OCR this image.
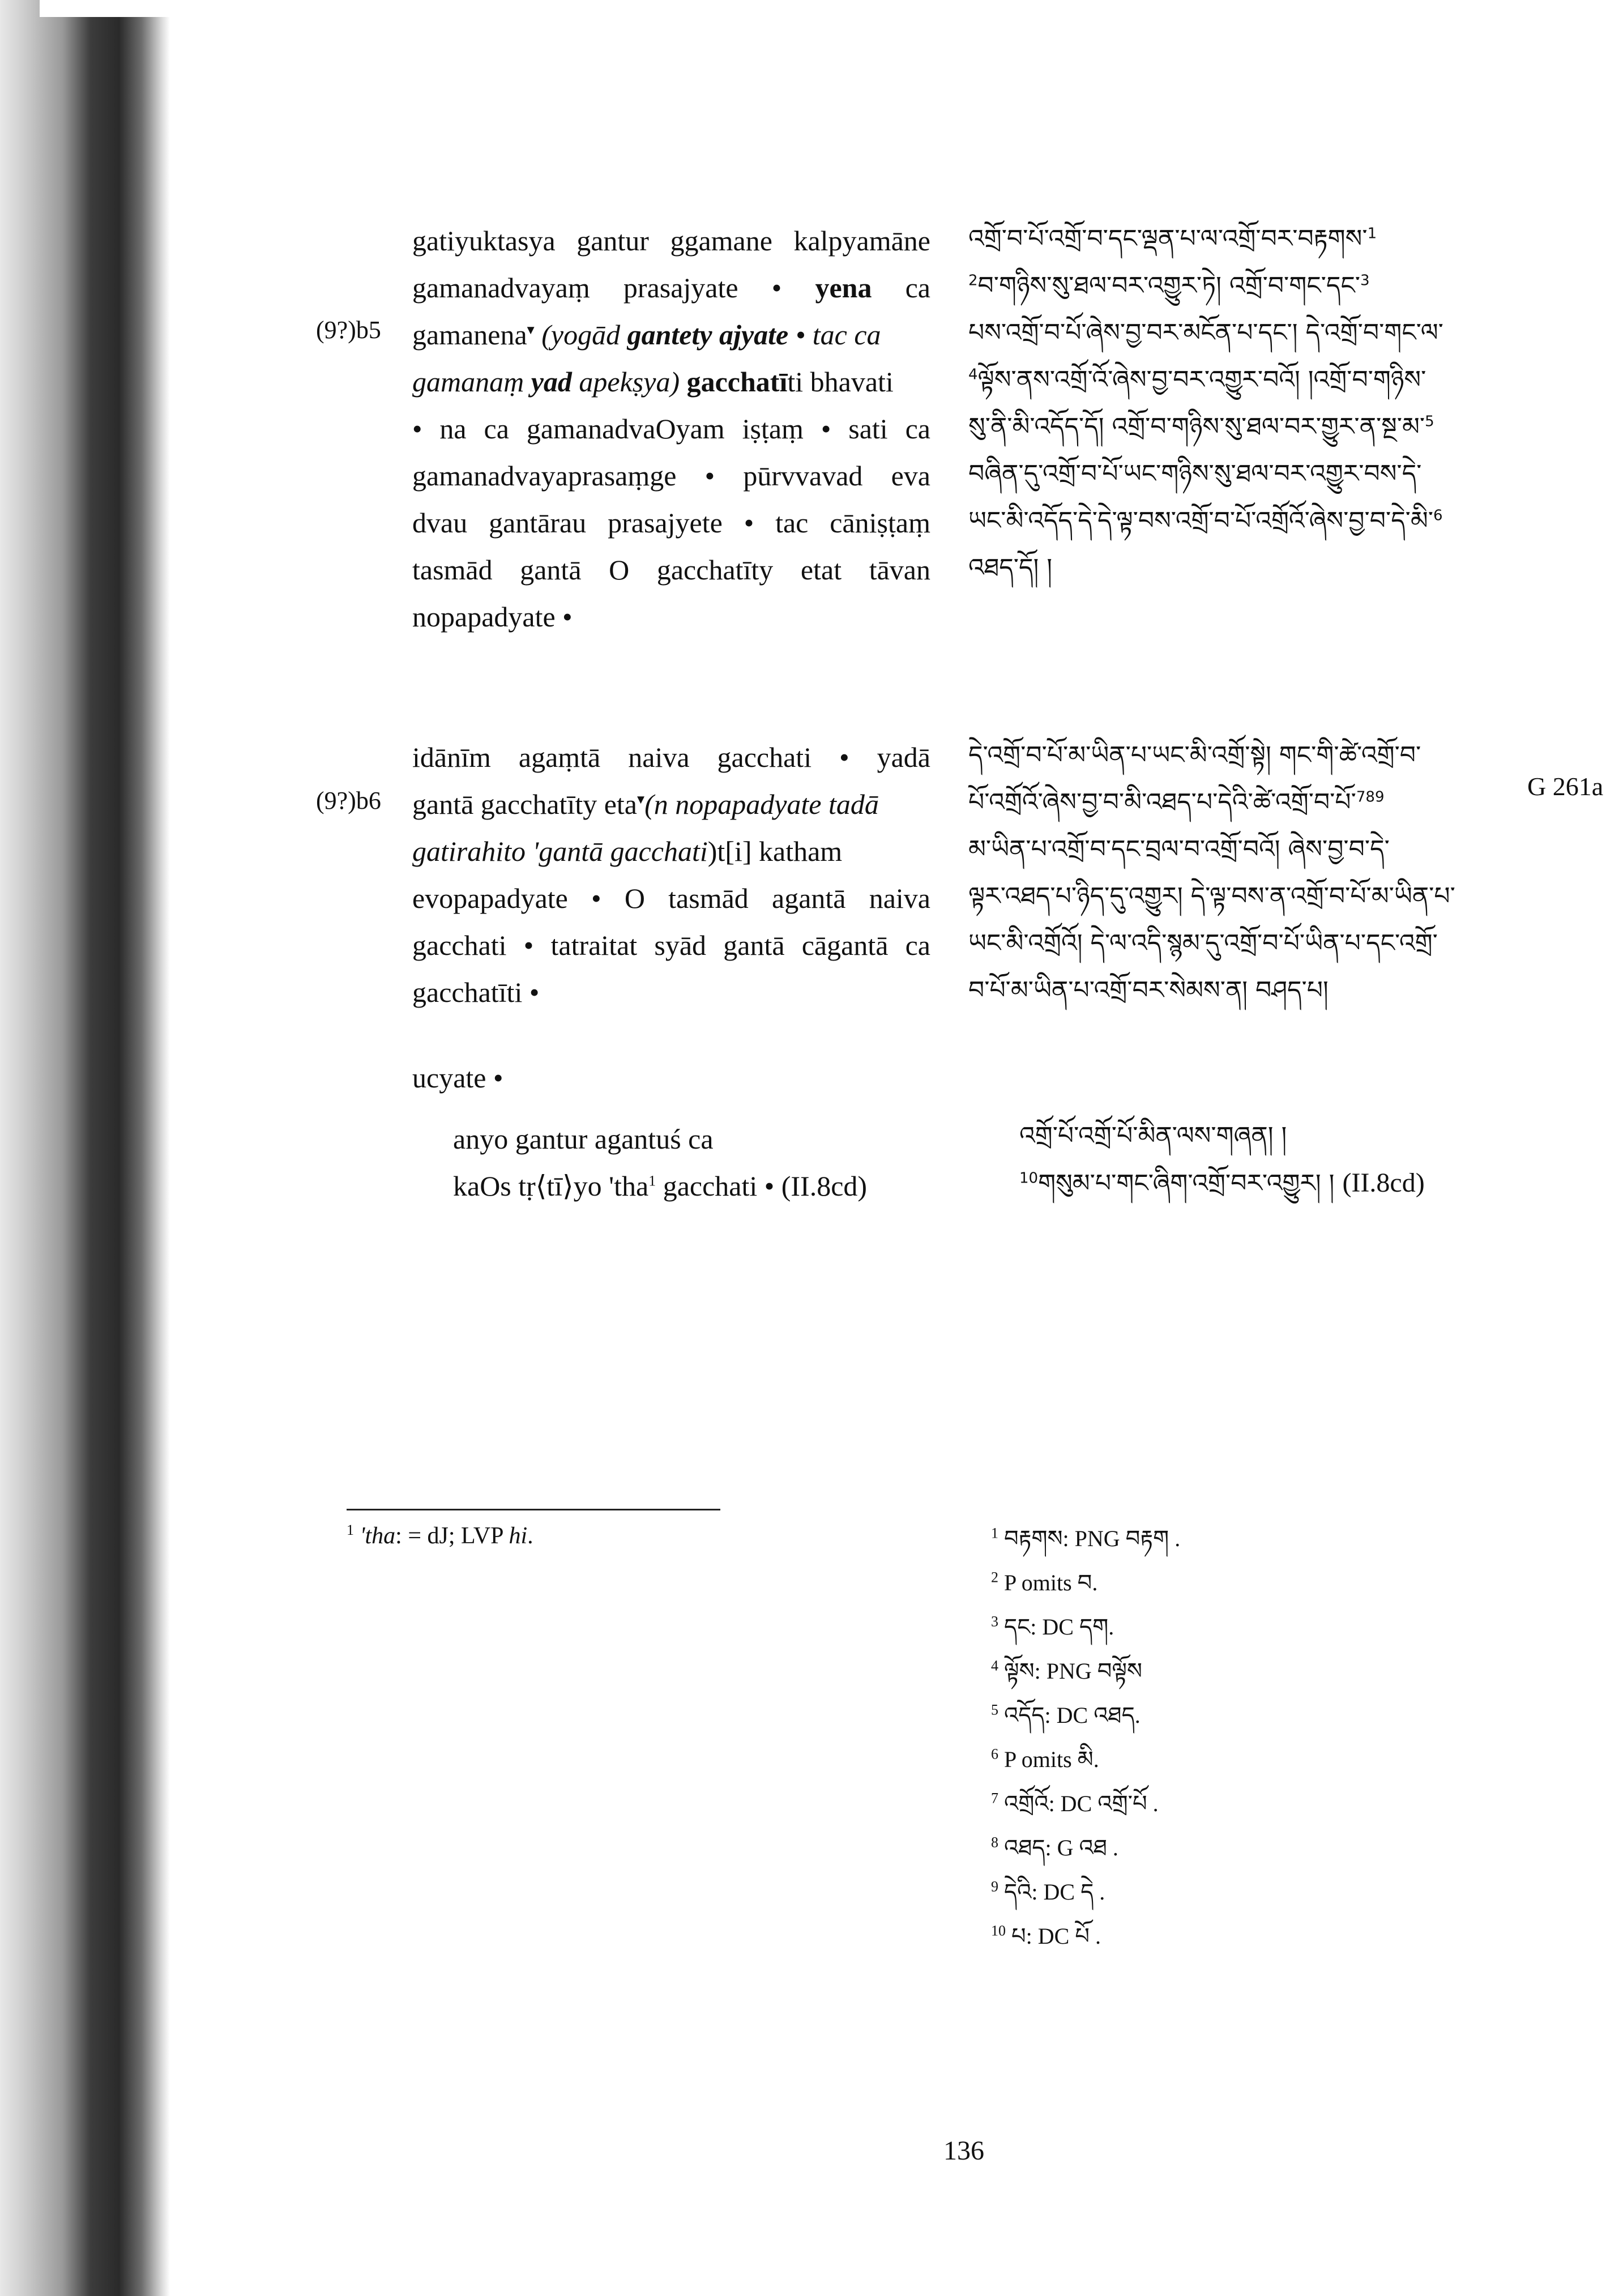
(9?)b5
gatiyuktasya gantur ggamane kalpyamāne
gamanadvayaṃ prasajyate • yena ca
gamanena▾ (yogād gantety ajyate • tac ca
gamanaṃ yad apekṣya) gacchatīti bhavati
• na ca gamanadvaOyam iṣṭaṃ • sati ca
gamanadvayaprasaṃge • pūrvvavad eva
dvau gantārau prasajyete • tac cāniṣṭaṃ
tasmād gantā O gacchatīty etat tāvan
nopapadyate •
(9?)b6
idānīm agaṃtā naiva gacchati • yadā
gantā gacchatīty eta▾(n nopapadyate tadā
gatirahito 'gantā gacchati)t[i] katham
evopapadyate • O tasmād agantā naiva
gacchati • tatraitat syād gantā cāgantā ca
gacchatīti •
ucyate •
anyo gantur agantuś ca
kaOs tṛ⟨tī⟩yo 'tha$^1$ gacchati • (II.8cd)
འགྲོ་བ་པོ་འགྲོ་བ་དང་ལྡན་པ་ལ་འགྲོ་བར་བརྟགས་$^1$
$^2$བ་གཉིས་སུ་ཐལ་བར་འགྱུར་ཏེ། འགྲོ་བ་གང་དང་$^3$
པས་འགྲོ་བ་པོ་ཞེས་བྱ་བར་མངོན་པ་དང་། དེ་འགྲོ་བ་གང་ལ་
$^4$ལྟོས་ནས་འགྲོ་འོ་ཞེས་བྱ་བར་འགྱུར་བའོ། །འགྲོ་བ་གཉིས་
སུ་ནི་མི་འདོད་དོ། འགྲོ་བ་གཉིས་སུ་ཐལ་བར་གྱུར་ན་སྔ་མ་$^5$
བཞིན་དུ་འགྲོ་བ་པོ་ཡང་གཉིས་སུ་ཐལ་བར་འགྱུར་བས་དེ་
ཡང་མི་འདོད་དེ་དེ་ལྟ་བས་འགྲོ་བ་པོ་འགྲོའོ་ཞེས་བྱ་བ་དེ་མི་$^6$
འཐད་དོ། །
དེ་འགྲོ་བ་པོ་མ་ཡིན་པ་ཡང་མི་འགྲོ་སྟེ། གང་གི་ཚེ་འགྲོ་བ་
པོ་འགྲོའོ་ཞེས་བྱ་བ་མི་འཐད་པ་དེའི་ཚེ་འགྲོ་བ་པོ་$^{789}$
མ་ཡིན་པ་འགྲོ་བ་དང་བྲལ་བ་འགྲོ་བའོ། ཞེས་བྱ་བ་དེ་
ལྟར་འཐད་པ་ཉིད་དུ་འགྱུར། དེ་ལྟ་བས་ན་འགྲོ་བ་པོ་མ་ཡིན་པ་
ཡང་མི་འགྲོའོ། དེ་ལ་འདི་སྙམ་དུ་འགྲོ་བ་པོ་ཡིན་པ་དང་འགྲོ་
བ་པོ་མ་ཡིན་པ་འགྲོ་བར་སེམས་ན། བཤད་པ།
G 261a
འགྲོ་པོ་འགྲོ་པོ་མིན་ལས་གཞན། །
$^{10}$གསུམ་པ་གང་ཞིག་འགྲོ་བར་འགྱུར། ། (II.8cd)
$^1$ 'tha: = dJ; LVP hi.	$^1$ བརྟགས: PNG བརྟག .
$^2$ P omits བ.
$^3$ དང: DC དག.
$^4$ ལྟོས: PNG བལྟོས
$^5$ འདོད: DC འཐད.
$^6$ P omits མི.
$^7$ འགྲོའོ: DC འགྲོ་པོ .
$^8$ འཐད: G འཐ .
$^9$ དེའི: DC དེ .
$^{10}$ པ: DC པོ .
136
